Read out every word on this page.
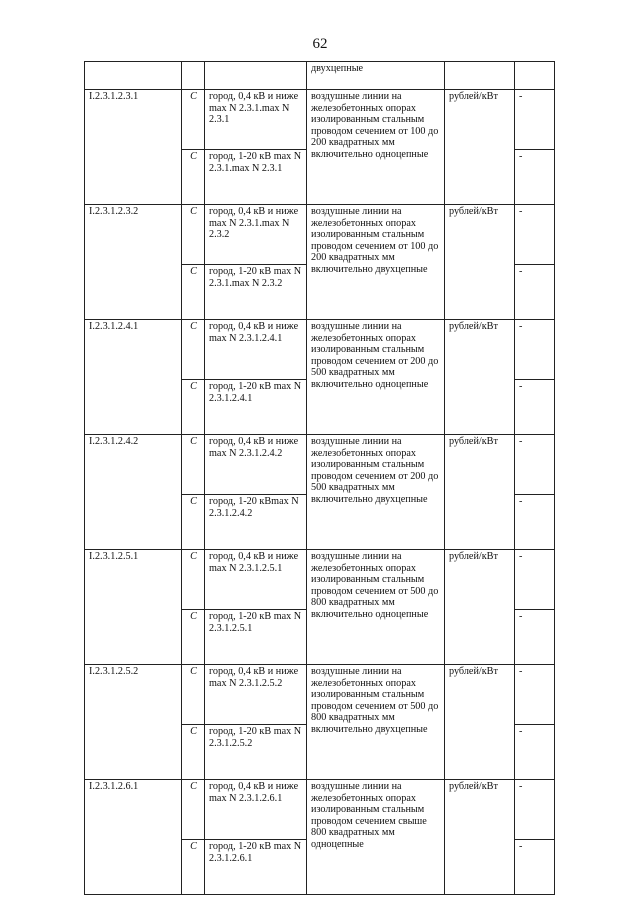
62
			двухцепные		
I.2.3.1.2.3.1	C	город, 0,4 кВ и ниже max N 2.3.1.max N 2.3.1	воздушные линии на железобетонных опорах изолированным стальным проводом сечением от 100 до 200 квадратных мм включительно одноцепные	рублей/кВт	-
	C	город, 1-20 кВ max N 2.3.1.max N 2.3.1			-
I.2.3.1.2.3.2	C	город, 0,4 кВ и ниже max N 2.3.1.max N 2.3.2	воздушные линии на железобетонных опорах изолированным стальным проводом сечением от 100 до 200 квадратных мм включительно двухцепные	рублей/кВт	-
	C	город, 1-20 кВ max N 2.3.1.max N 2.3.2			-
I.2.3.1.2.4.1	C	город, 0,4 кВ и ниже max N 2.3.1.2.4.1	воздушные линии на железобетонных опорах изолированным стальным проводом сечением от 200 до 500 квадратных мм включительно одноцепные	рублей/кВт	-
	C	город, 1-20 кВ max N 2.3.1.2.4.1			-
I.2.3.1.2.4.2	C	город, 0,4 кВ и ниже max N 2.3.1.2.4.2	воздушные линии на железобетонных опорах изолированным стальным проводом сечением от 200 до 500 квадратных мм включительно двухцепные	рублей/кВт	-
	C	город, 1-20 кВmax N 2.3.1.2.4.2			-
I.2.3.1.2.5.1	C	город, 0,4 кВ и ниже max N 2.3.1.2.5.1	воздушные линии на железобетонных опорах изолированным стальным проводом сечением от 500 до 800 квадратных мм включительно одноцепные	рублей/кВт	-
	C	город, 1-20 кВ max N 2.3.1.2.5.1			-
I.2.3.1.2.5.2	C	город, 0,4 кВ и ниже max N 2.3.1.2.5.2	воздушные линии на железобетонных опорах изолированным стальным проводом сечением от 500 до 800 квадратных мм включительно двухцепные	рублей/кВт	-
	C	город, 1-20 кВ max N 2.3.1.2.5.2			-
I.2.3.1.2.6.1	C	город, 0,4 кВ и ниже max N 2.3.1.2.6.1	воздушные линии на железобетонных опорах изолированным стальным проводом сечением свыше 800 квадратных мм одноцепные	рублей/кВт	-
	C	город, 1-20 кВ max N 2.3.1.2.6.1			-
